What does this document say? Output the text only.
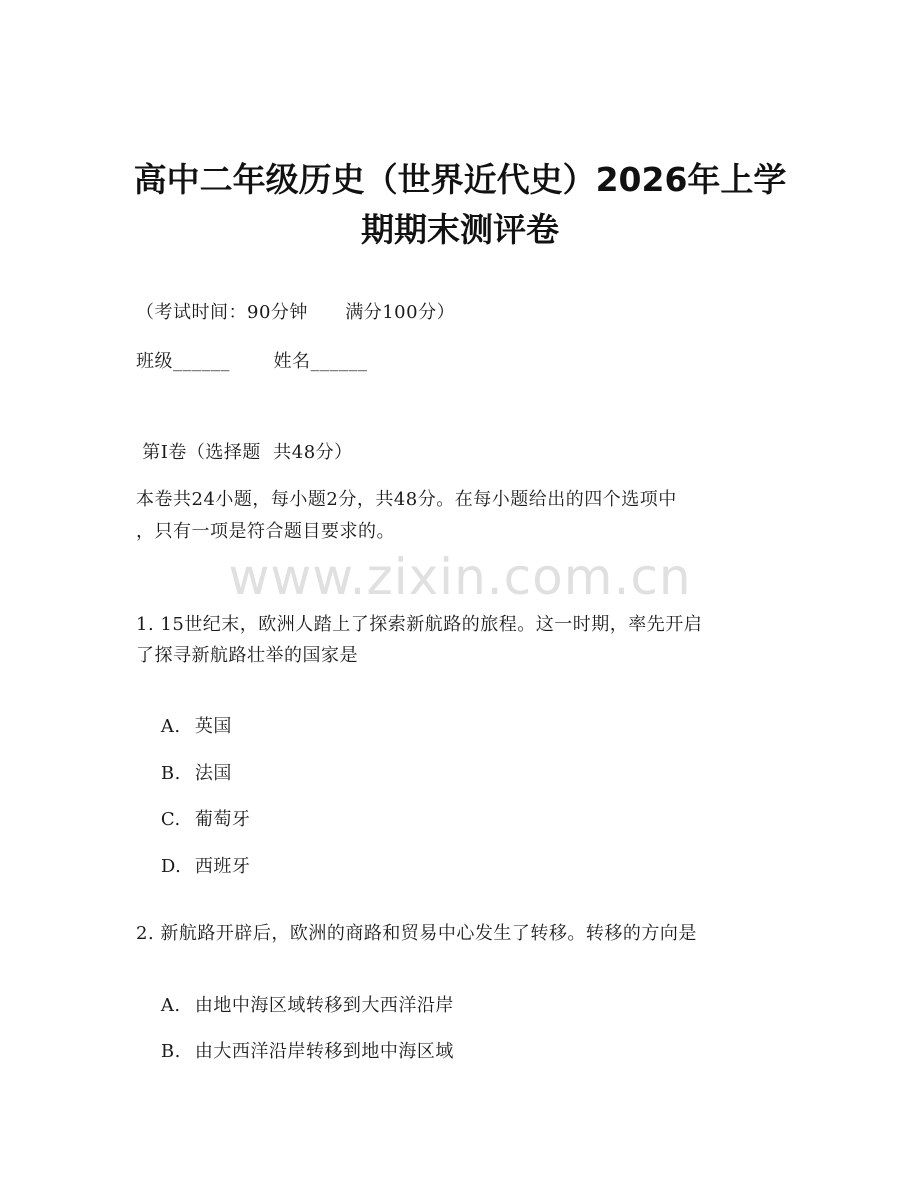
高中二年级历史（世界近代史）2026年上学
期期末测评卷
（考试时间：90分钟      满分100分）
班级______       姓名______
第Ⅰ卷（选择题  共48分）
本卷共24小题，每小题2分，共48分。在每小题给出的四个选项中
，只有一项是符合题目要求的。
www.zixin.com.cn
1. 15世纪末，欧洲人踏上了探索新航路的旅程。这一时期，率先开启
了探寻新航路壮举的国家是

A. 英国

B. 法国

C. 葡萄牙

D. 西班牙

2. 新航路开辟后，欧洲的商路和贸易中心发生了转移。转移的方向是

A. 由地中海区域转移到大西洋沿岸

B. 由大西洋沿岸转移到地中海区域
